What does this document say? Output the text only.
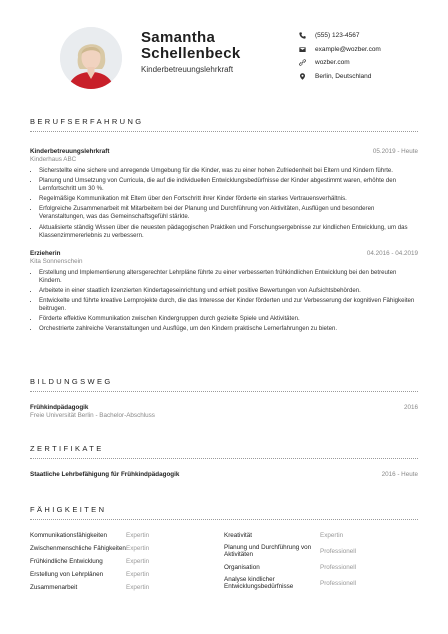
Samantha Schellenbeck
Kinderbetreuungslehrkraft
(555) 123-4567
example@wozber.com
wozber.com
Berlin, Deutschland
BERUFSERFAHRUNG
Kinderbetreuungslehrkraft	05.2019 - Heute
Kinderhaus ABC
• Sicherstellte eine sichere und anregende Umgebung für die Kinder, was zu einer hohen Zufriedenheit bei Eltern und Kindern führte.
• Planung und Umsetzung von Curricula, die auf die individuellen Entwicklungsbedürfnisse der Kinder abgestimmt waren, erhöhte den Lernfortschritt um 30 %.
• Regelmäßige Kommunikation mit Eltern über den Fortschritt ihrer Kinder förderte ein starkes Vertrauensverhältnis.
• Erfolgreiche Zusammenarbeit mit Mitarbeitern bei der Planung und Durchführung von Aktivitäten, Ausflügen und besonderen Veranstaltungen, was das Gemeinschaftsgefühl stärkte.
• Aktualisierte ständig Wissen über die neuesten pädagogischen Praktiken und Forschungsergebnisse zur kindlichen Entwicklung, um das Klassenzimmererlebnis zu verbessern.
Erzieherin	04.2016 - 04.2019
Kita Sonnenschein
• Erstellung und Implementierung altersgerechter Lehrpläne führte zu einer verbesserten frühkindlichen Entwicklung bei den betreuten Kindern.
• Arbeitete in einer staatlich lizenzierten Kindertageseinrichtung und erhielt positive Bewertungen von Aufsichtsbehörden.
• Entwickelte und führte kreative Lernprojekte durch, die das Interesse der Kinder förderten und zur Verbesserung der kognitiven Fähigkeiten beitrugen.
• Förderte effektive Kommunikation zwischen Kindergruppen durch gezielte Spiele und Aktivitäten.
• Orchestrierte zahlreiche Veranstaltungen und Ausflüge, um den Kindern praktische Lernerfahrungen zu bieten.
BILDUNGSWEG
Frühkindpädagogik	2016
Freie Universität Berlin - Bachelor-Abschluss
ZERTIFIKATE
Staatliche Lehrbefähigung für Frühkindpädagogik	2016 - Heute
FÄHIGKEITEN
Kommunikationsfähigkeiten	Expertin
Zwischenmenschliche Fähigkeiten Expertin
Frühkindliche Entwicklung	Expertin
Erstellung von Lehrplänen	Expertin
Zusammenarbeit	Expertin
Kreativität	Expertin
Planung und Durchführung von Aktivitäten	Professionell
Organisation	Professionell
Analyse kindlicher Entwicklungsbedürfnisse	Professionell
